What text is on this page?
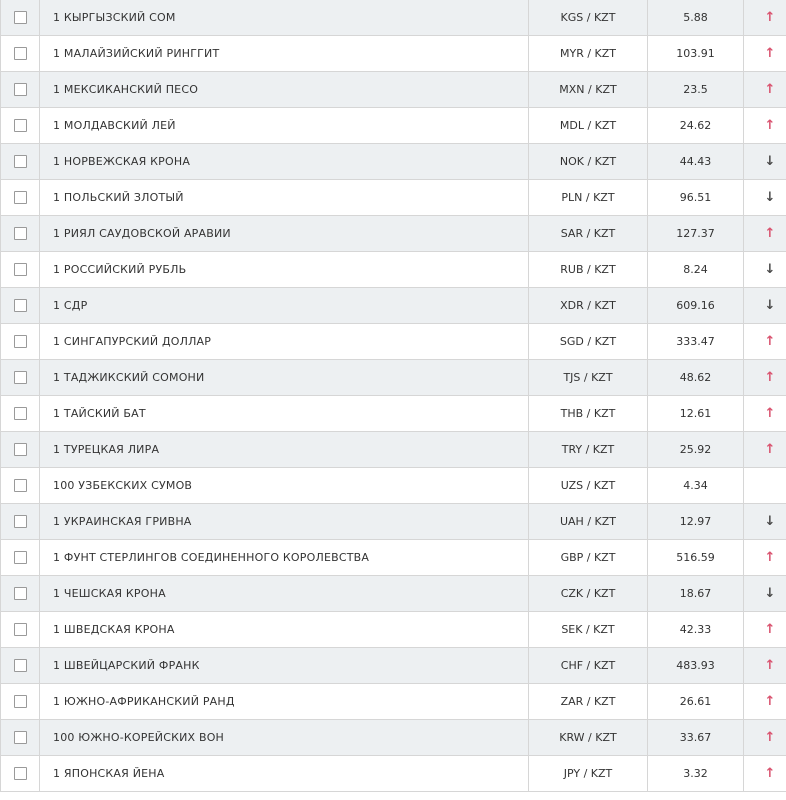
	1 КЫРГЫЗСКИЙ СОМ	KGS / KZT	5.88	↑
	1 МАЛАЙЗИЙСКИЙ РИНГГИТ	MYR / KZT	103.91	↑
	1 МЕКСИКАНСКИЙ ПЕСО	MXN / KZT	23.5	↑
	1 МОЛДАВСКИЙ ЛЕЙ	MDL / KZT	24.62	↑
	1 НОРВЕЖСКАЯ КРОНА	NOK / KZT	44.43	↓
	1 ПОЛЬСКИЙ ЗЛОТЫЙ	PLN / KZT	96.51	↓
	1 РИЯЛ САУДОВСКОЙ АРАВИИ	SAR / KZT	127.37	↑
	1 РОССИЙСКИЙ РУБЛЬ	RUB / KZT	8.24	↓
	1 СДР	XDR / KZT	609.16	↓
	1 СИНГАПУРСКИЙ ДОЛЛАР	SGD / KZT	333.47	↑
	1 ТАДЖИКСКИЙ СОМОНИ	TJS / KZT	48.62	↑
	1 ТАЙСКИЙ БАТ	THB / KZT	12.61	↑
	1 ТУРЕЦКАЯ ЛИРА	TRY / KZT	25.92	↑
	100 УЗБЕКСКИХ СУМОВ	UZS / KZT	4.34	
	1 УКРАИНСКАЯ ГРИВНА	UAH / KZT	12.97	↓
	1 ФУНТ СТЕРЛИНГОВ СОЕДИНЕННОГО КОРОЛЕВСТВА	GBP / KZT	516.59	↑
	1 ЧЕШСКАЯ КРОНА	CZK / KZT	18.67	↓
	1 ШВЕДСКАЯ КРОНА	SEK / KZT	42.33	↑
	1 ШВЕЙЦАРСКИЙ ФРАНК	CHF / KZT	483.93	↑
	1 ЮЖНО-АФРИКАНСКИЙ РАНД	ZAR / KZT	26.61	↑
	100 ЮЖНО-КОРЕЙСКИХ ВОН	KRW / KZT	33.67	↑
	1 ЯПОНСКАЯ ЙЕНА	JPY / KZT	3.32	↑
